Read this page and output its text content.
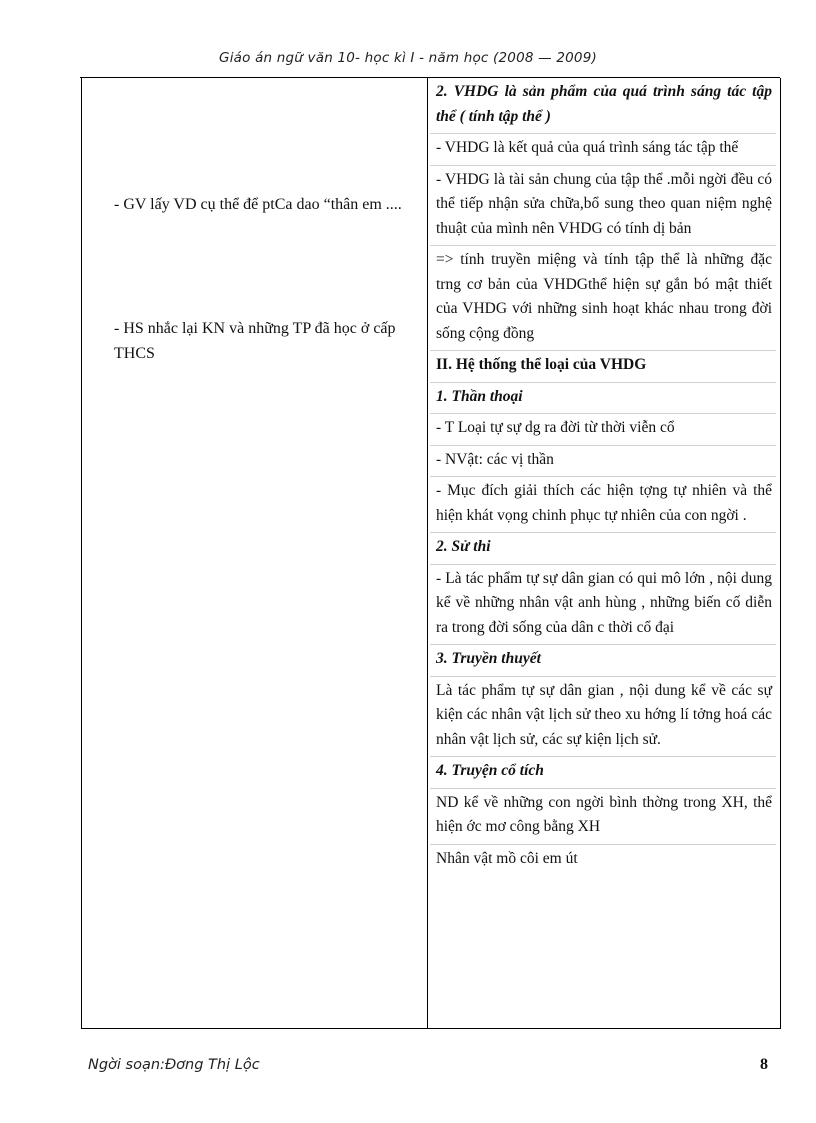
Giáo án ngữ văn 10- học kì I - năm học (2008 — 2009)
- GV lấy VD cụ thể để ptCa dao “thân em ....
- HS nhắc lại KN và những TP đã học ở cấp THCS
2. VHDG là sản phẩm của quá trình sáng tác tập thể ( tính tập thể )
- VHDG là kết quả của quá trình sáng tác tập thể
- VHDG là tài sản chung của tập thể .mỗi ngời đều có thể tiếp nhận sửa chữa,bổ sung theo quan niệm nghệ thuật của mình nên VHDG có tính dị bản
=> tính truyền miệng và tính tập thể là những đặc trng cơ bản của VHDGthể hiện sự gắn bó mật thiết của VHDG với những sinh hoạt khác nhau trong đời sống cộng đồng
II. Hệ thống thể loại của VHDG
1. Thần thoại
- T Loại tự sự dg ra đời từ thời viễn cổ
- NVật: các vị thần
- Mục đích giải thích các hiện tợng tự nhiên và thể hiện khát vọng chinh phục tự nhiên của con ngời .
2. Sử thi
- Là tác phẩm tự sự dân gian có qui mô lớn , nội dung kể về những nhân vật anh hùng , những biến cố diễn ra trong đời sống của dân c thời cổ đại
3. Truyền thuyết
Là tác phẩm tự sự dân gian , nội dung kể về các sự kiện các nhân vật lịch sử theo xu hớng lí tởng hoá các nhân vật lịch sử, các sự kiện lịch sử.
4. Truyện cổ tích
ND kể về những con ngời bình thờng trong XH, thể hiện ớc mơ công bằng XH
Nhân vật mồ côi em út
Ngời soạn:Đơng Thị Lộc	8
